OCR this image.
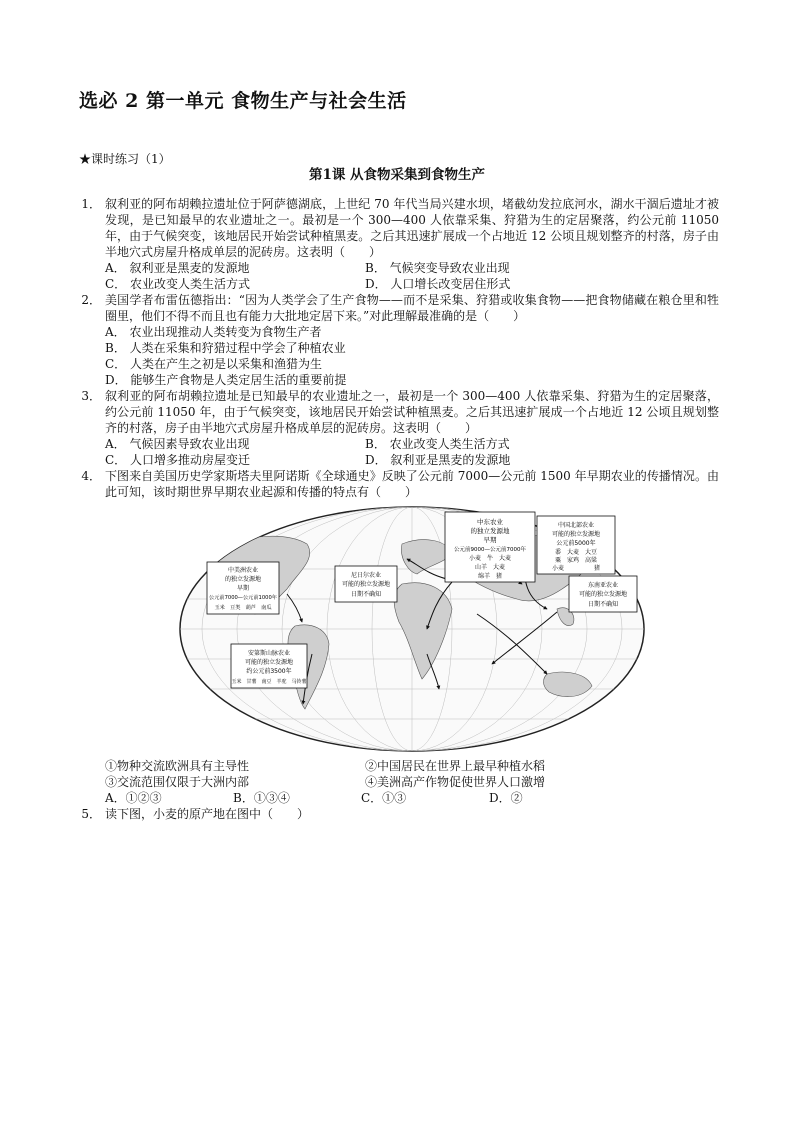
选必 2 第一单元 食物生产与社会生活
★课时练习（1）
第1课 从食物采集到食物生产
1． 叙利亚的阿布胡赖拉遗址位于阿萨德湖底，上世纪 70 年代当局兴建水坝，堵截幼发拉底河水，湖水干涸后遗址才被发现，是已知最早的农业遗址之一。最初是一个 300—400 人依靠采集、狩猎为生的定居聚落，约公元前 11050 年，由于气候突变，该地居民开始尝试种植黑麦。之后其迅速扩展成一个占地近 12 公顷且规划整齐的村落，房子由半地穴式房屋升格成单层的泥砖房。这表明（　　）
A． 叙利亚是黑麦的发源地	B． 气候突变导致农业出现
C． 农业改变人类生活方式	D． 人口增长改变居住形式
2． 美国学者布雷伍德指出：“因为人类学会了生产食物——而不是采集、狩猎或收集食物——把食物储藏在粮仓里和牲圈里，他们不得不而且也有能力大批地定居下来。”对此理解最准确的是（　　）
A． 农业出现推动人类转变为食物生产者
B． 人类在采集和狩猎过程中学会了种植农业
C． 人类在产生之初是以采集和渔猎为生
D． 能够生产食物是人类定居生活的重要前提
3． 叙利亚的阿布胡赖拉遗址是已知最早的农业遗址之一，最初是一个 300—400 人依靠采集、狩猎为生的定居聚落，约公元前 11050 年，由于气候突变，该地居民开始尝试种植黑麦。之后其迅速扩展成一个占地近 12 公顷且规划整齐的村落，房子由半地穴式房屋升格成单层的泥砖房。这表明（　　）
A． 气候因素导致农业出现	B． 农业改变人类生活方式
C． 人口增多推动房屋变迁	D． 叙利亚是黑麦的发源地
4． 下图来自美国历史学家斯塔夫里阿诺斯《全球通史》反映了公元前 7000—公元前 1500 年早期农业的传播情况。由此可知，该时期世界早期农业起源和传播的特点有（　　）
中东农业
的独立发源地
早期
公元前9000—公元前7000年
小麦　牛　大麦
山羊　大麦
绵羊　猪
中国北部农业
可能的独立发源地
公元前5000年
黍　大麦　大豆
粟　家鸡　高粱
小麦　　　　　猪
中美洲农业
的独立发源地
早期
公元前7000—公元前1000年
玉米　豆类　葫芦　南瓜
尼日尔农业
可能的独立发源地
日期不确知
东南亚农业
可能的独立发源地
日期不确知
安第斯山脉农业
可能的独立发源地
约公元前3500年
玉米　甘薯　南豆　羊驼　马铃薯
①物种交流欧洲具有主导性	②中国居民在世界上最早种植水稻
③交流范围仅限于大洲内部	④美洲高产作物促使世界人口激增
A．①②③	B．①③④	C．①③	D．②
5． 读下图，小麦的原产地在图中（　　）
